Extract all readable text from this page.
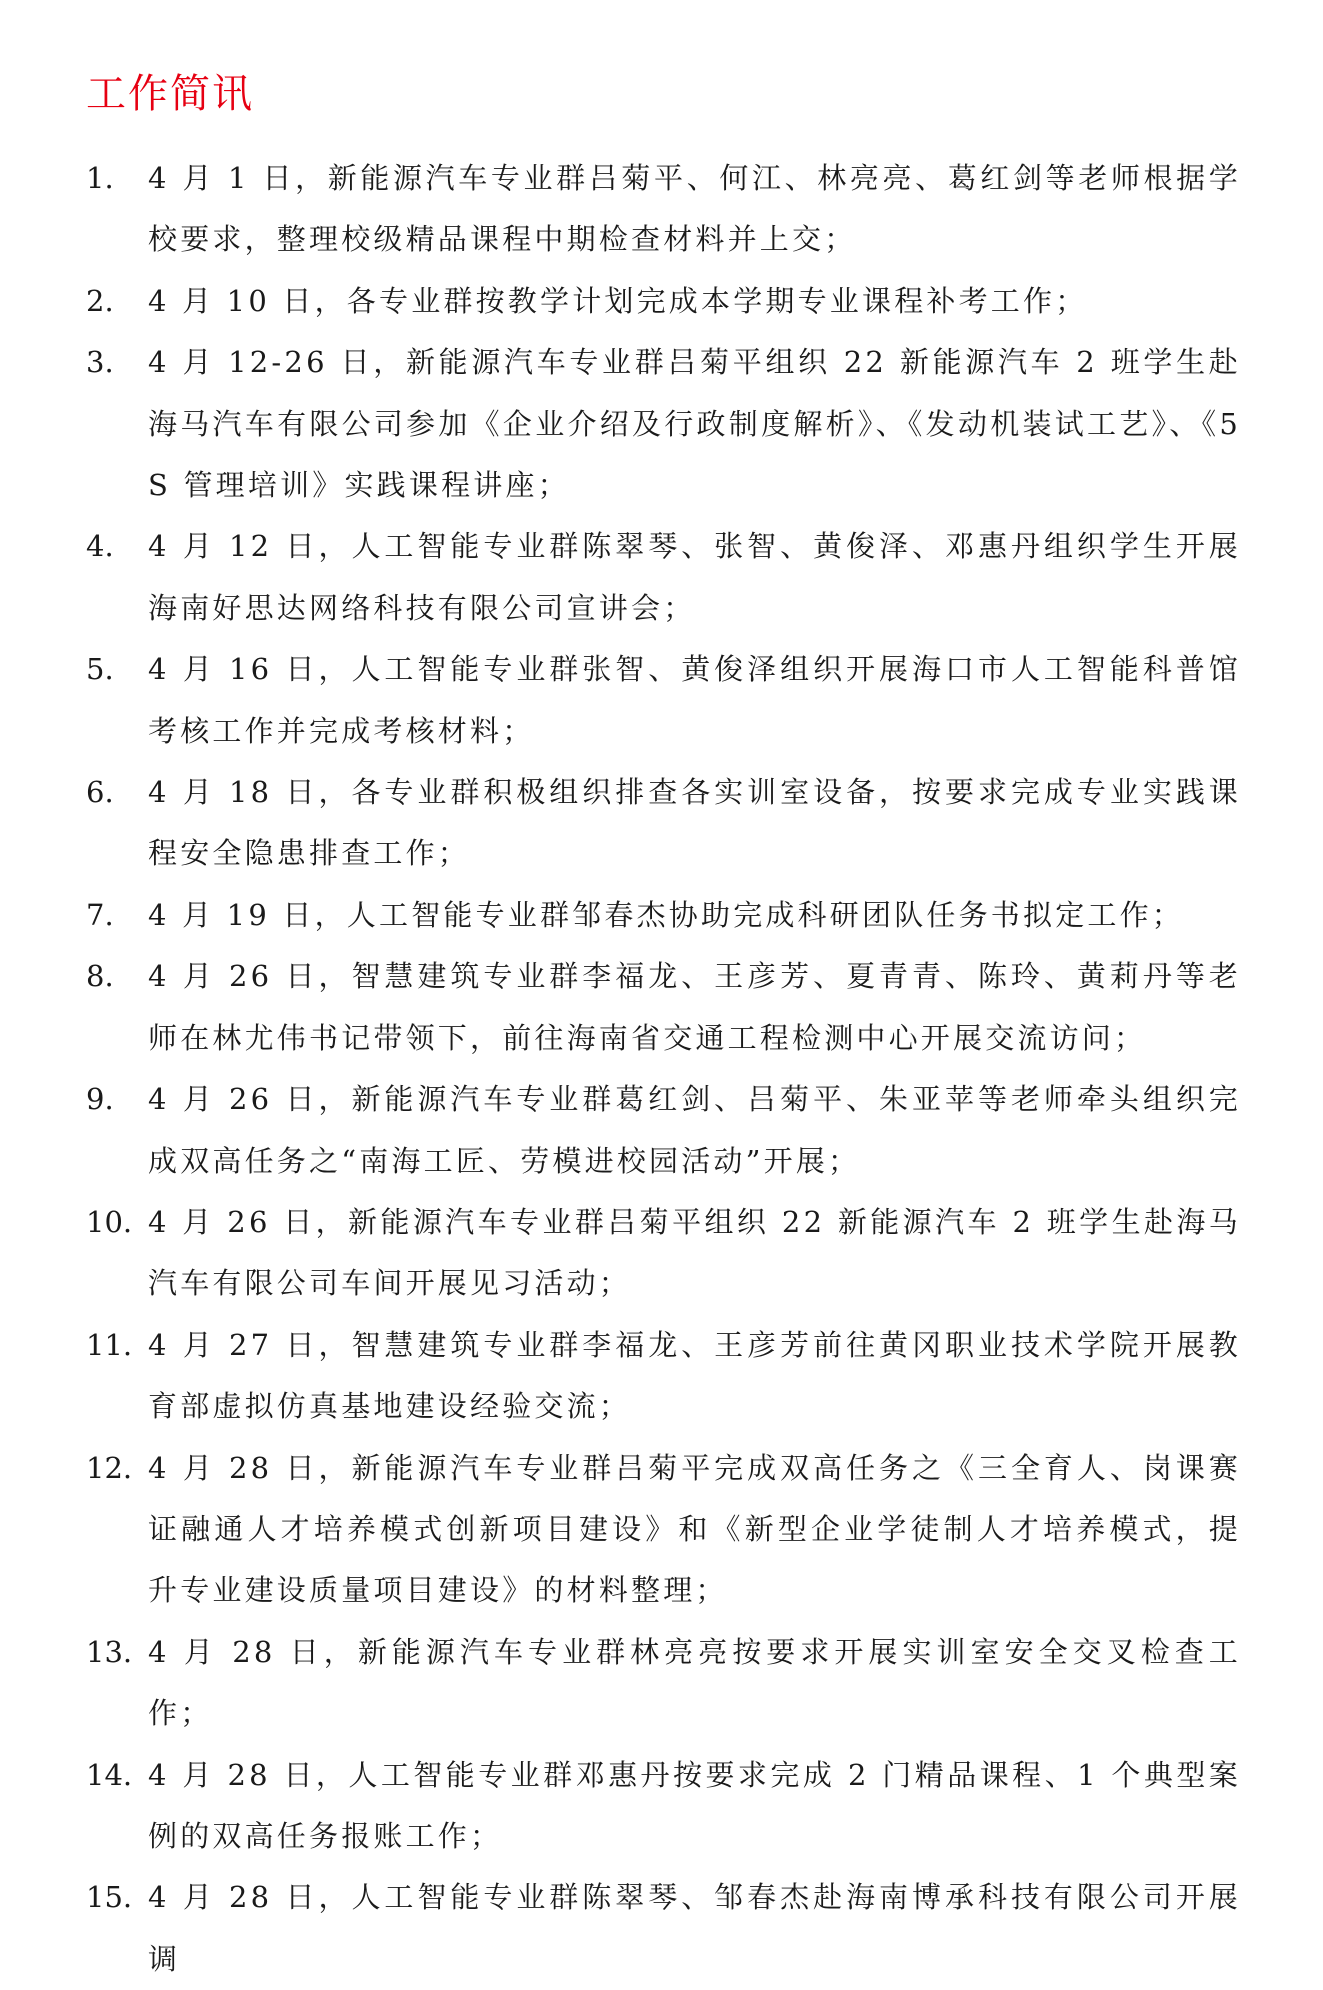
工作简讯
1. 4 月 1 日，新能源汽车专业群吕菊平、何江、林亮亮、葛红剑等老师根据学校要求，整理校级精品课程中期检查材料并上交；
2. 4 月 10 日，各专业群按教学计划完成本学期专业课程补考工作；
3. 4 月 12-26 日，新能源汽车专业群吕菊平组织 22 新能源汽车 2 班学生赴海马汽车有限公司参加《企业介绍及行政制度解析》、《发动机装试工艺》、《5S 管理培训》实践课程讲座；
4. 4 月 12 日，人工智能专业群陈翠琴、张智、黄俊泽、邓惠丹组织学生开展海南好思达网络科技有限公司宣讲会；
5. 4 月 16 日，人工智能专业群张智、黄俊泽组织开展海口市人工智能科普馆考核工作并完成考核材料；
6. 4 月 18 日，各专业群积极组织排查各实训室设备，按要求完成专业实践课程安全隐患排查工作；
7. 4 月 19 日，人工智能专业群邹春杰协助完成科研团队任务书拟定工作；
8. 4 月 26 日，智慧建筑专业群李福龙、王彦芳、夏青青、陈玲、黄莉丹等老师在林尤伟书记带领下，前往海南省交通工程检测中心开展交流访问；
9. 4 月 26 日，新能源汽车专业群葛红剑、吕菊平、朱亚苹等老师牵头组织完成双高任务之“南海工匠、劳模进校园活动”开展；
10. 4 月 26 日，新能源汽车专业群吕菊平组织 22 新能源汽车 2 班学生赴海马汽车有限公司车间开展见习活动；
11. 4 月 27 日，智慧建筑专业群李福龙、王彦芳前往黄冈职业技术学院开展教育部虚拟仿真基地建设经验交流；
12. 4 月 28 日，新能源汽车专业群吕菊平完成双高任务之《三全育人、岗课赛证融通人才培养模式创新项目建设》和《新型企业学徒制人才培养模式，提升专业建设质量项目建设》的材料整理；
13. 4 月 28 日，新能源汽车专业群林亮亮按要求开展实训室安全交叉检查工作；
14. 4 月 28 日，人工智能专业群邓惠丹按要求完成 2 门精品课程、1 个典型案例的双高任务报账工作；
15. 4 月 28 日，人工智能专业群陈翠琴、邹春杰赴海南博承科技有限公司开展调
